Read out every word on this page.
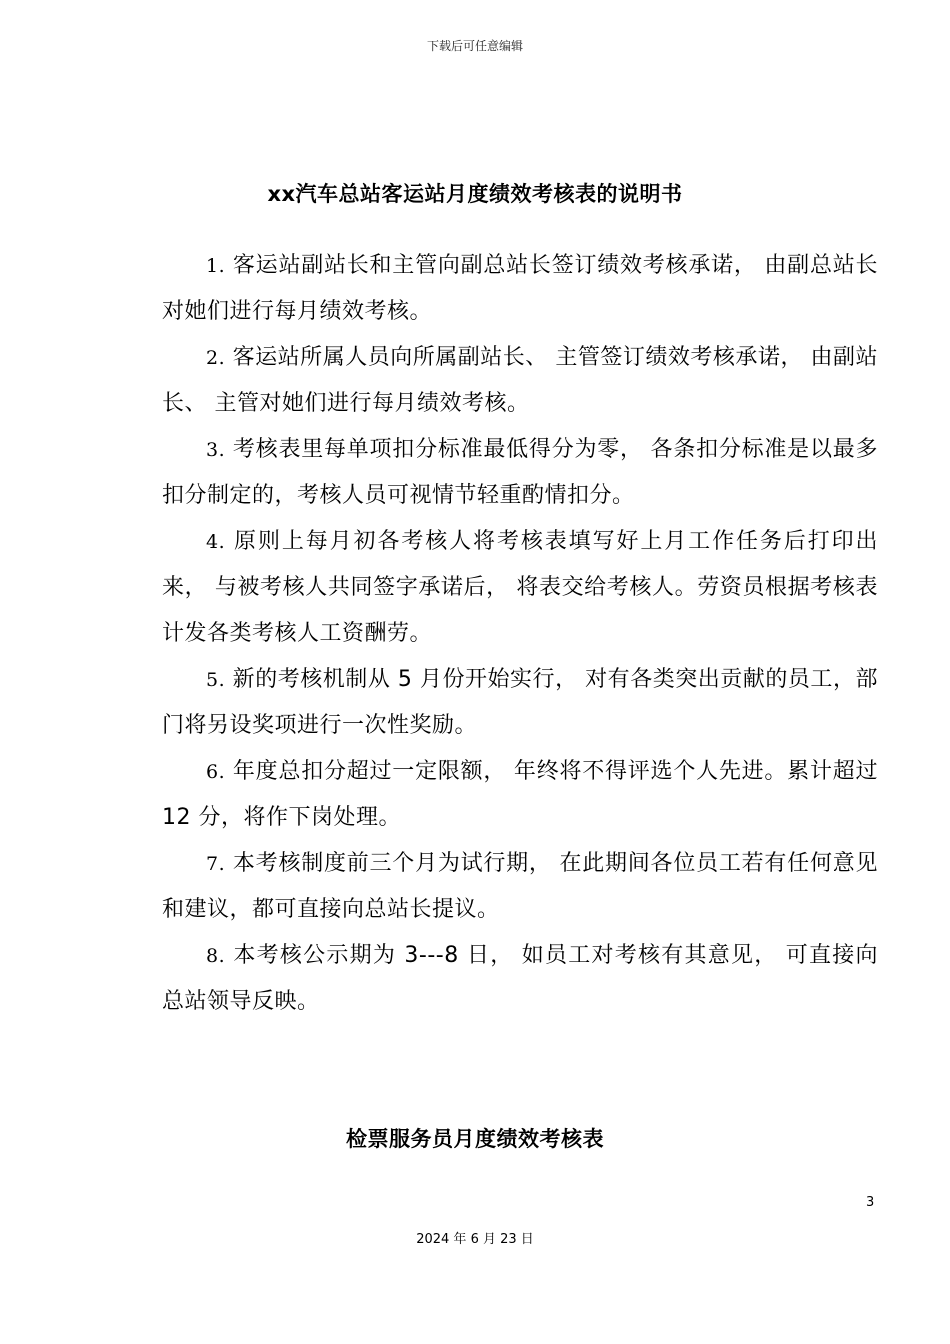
下载后可任意编辑
xx汽车总站客运站月度绩效考核表的说明书

1. 客运站副站长和主管向副总站长签订绩效考核承诺， 由副总站长对她们进行每月绩效考核。

2. 客运站所属人员向所属副站长、 主管签订绩效考核承诺， 由副站长、 主管对她们进行每月绩效考核。

3. 考核表里每单项扣分标准最低得分为零， 各条扣分标准是以最多扣分制定的，考核人员可视情节轻重酌情扣分。

4. 原则上每月初各考核人将考核表填写好上月工作任务后打印出来， 与被考核人共同签字承诺后， 将表交给考核人。劳资员根据考核表计发各类考核人工资酬劳。

5. 新的考核机制从 5 月份开始实行， 对有各类突出贡献的员工，部门将另设奖项进行一次性奖励。

6. 年度总扣分超过一定限额， 年终将不得评选个人先进。累计超过 12 分，将作下岗处理。

7. 本考核制度前三个月为试行期， 在此期间各位员工若有任何意见和建议，都可直接向总站长提议。

8. 本考核公示期为 3---8 日， 如员工对考核有其意见， 可直接向总站领导反映。

检票服务员月度绩效考核表
3
2024 年 6 月 23 日
